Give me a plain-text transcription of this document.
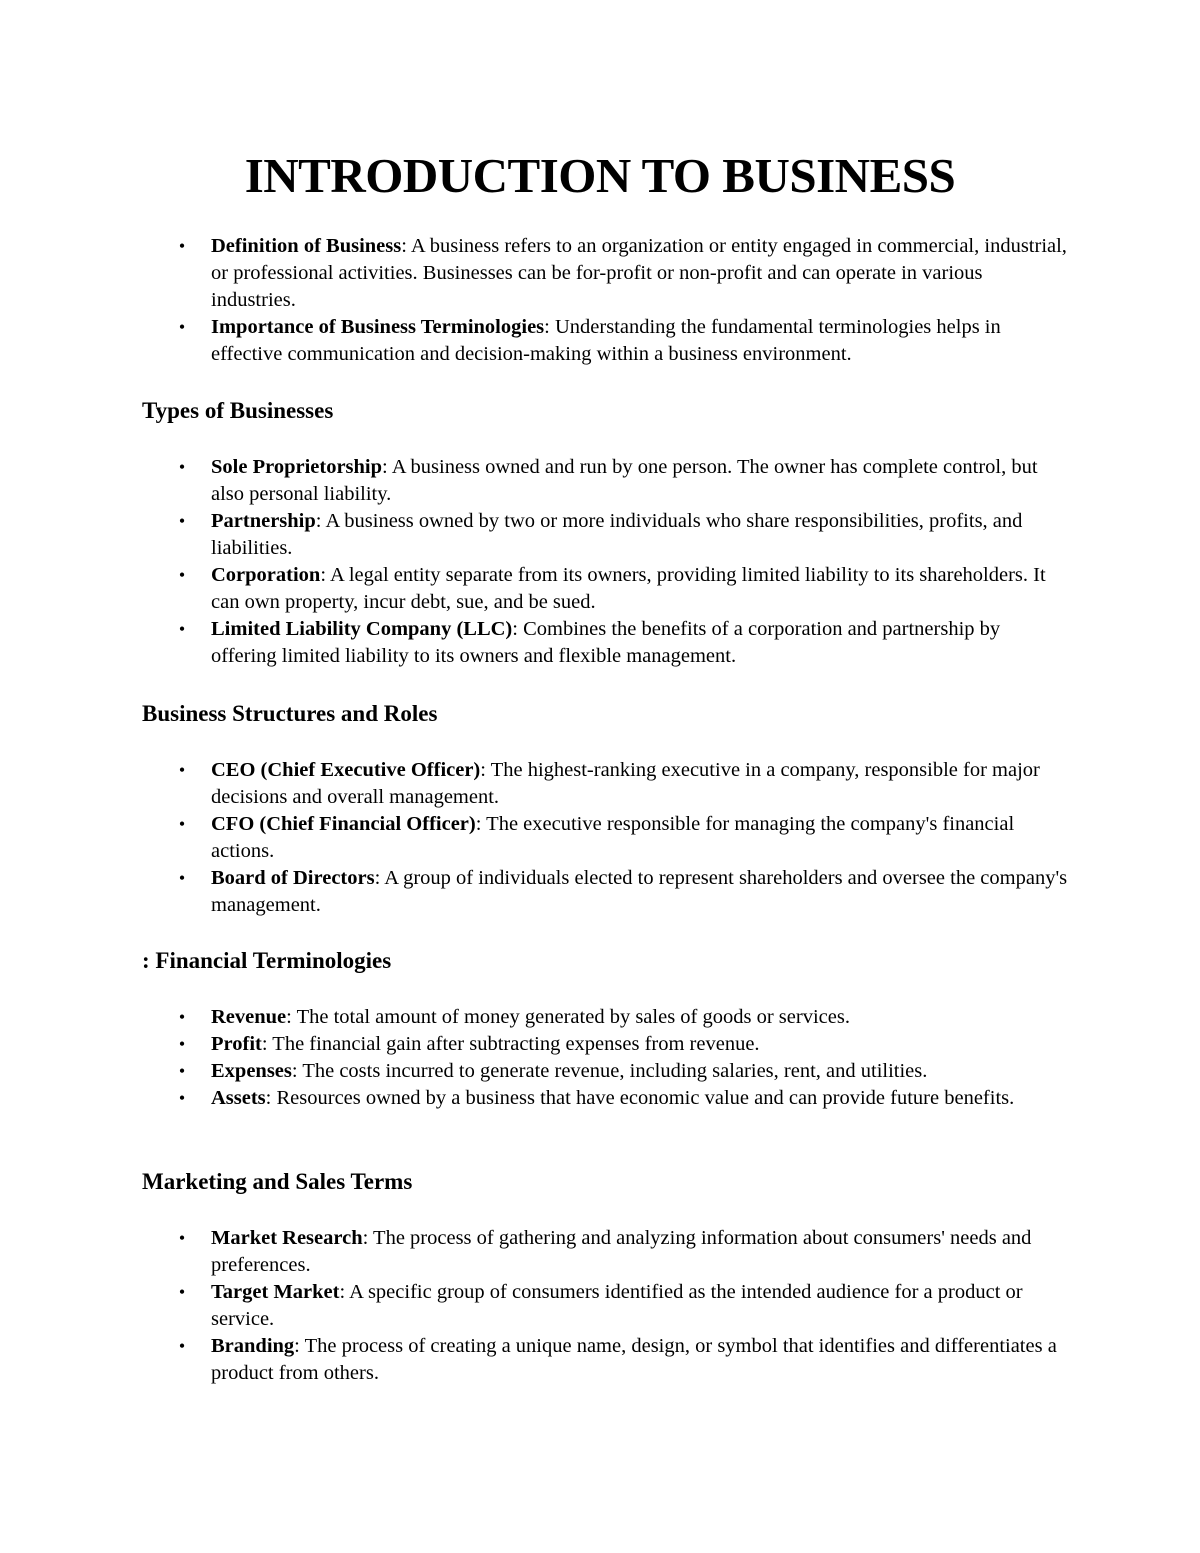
INTRODUCTION TO BUSINESS
• Definition of Business: A business refers to an organization or entity engaged in commercial, industrial, or professional activities. Businesses can be for-profit or non-profit and can operate in various industries.
• Importance of Business Terminologies: Understanding the fundamental terminologies helps in effective communication and decision-making within a business environment.
Types of Businesses
• Sole Proprietorship: A business owned and run by one person. The owner has complete control, but also personal liability.
• Partnership: A business owned by two or more individuals who share responsibilities, profits, and liabilities.
• Corporation: A legal entity separate from its owners, providing limited liability to its shareholders. It can own property, incur debt, sue, and be sued.
• Limited Liability Company (LLC): Combines the benefits of a corporation and partnership by offering limited liability to its owners and flexible management.
Business Structures and Roles
• CEO (Chief Executive Officer): The highest-ranking executive in a company, responsible for major decisions and overall management.
• CFO (Chief Financial Officer): The executive responsible for managing the company's financial actions.
• Board of Directors: A group of individuals elected to represent shareholders and oversee the company's management.
: Financial Terminologies
• Revenue: The total amount of money generated by sales of goods or services.
• Profit: The financial gain after subtracting expenses from revenue.
• Expenses: The costs incurred to generate revenue, including salaries, rent, and utilities.
• Assets: Resources owned by a business that have economic value and can provide future benefits.
Marketing and Sales Terms
• Market Research: The process of gathering and analyzing information about consumers' needs and preferences.
• Target Market: A specific group of consumers identified as the intended audience for a product or service.
• Branding: The process of creating a unique name, design, or symbol that identifies and differentiates a product from others.
